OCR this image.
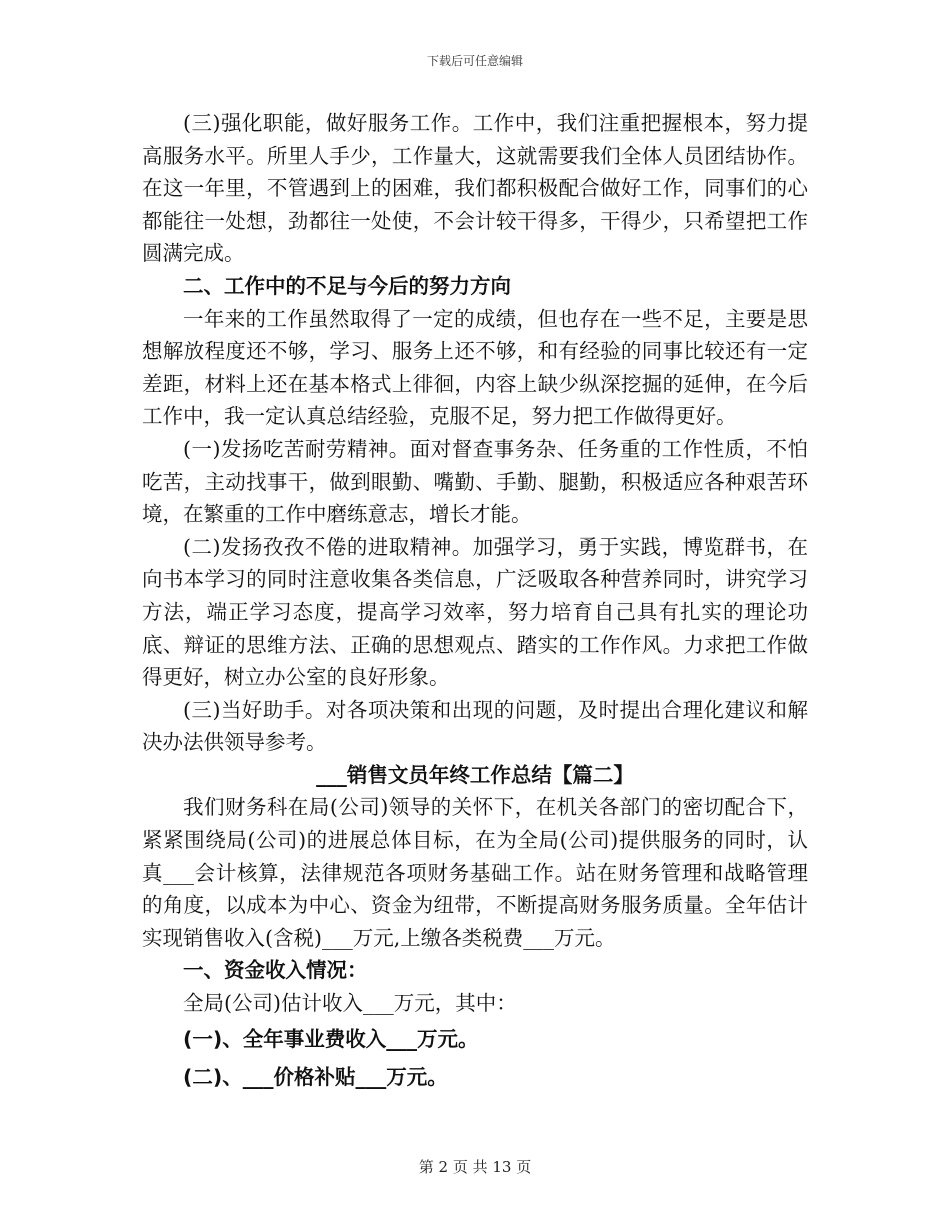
下载后可任意编辑

(三)强化职能，做好服务工作。工作中，我们注重把握根本，努力提高服务水平。所里人手少，工作量大，这就需要我们全体人员团结协作。在这一年里，不管遇到上的困难，我们都积极配合做好工作，同事们的心都能往一处想，劲都往一处使，不会计较干得多，干得少，只希望把工作圆满完成。

二、工作中的不足与今后的努力方向

一年来的工作虽然取得了一定的成绩，但也存在一些不足，主要是思想解放程度还不够，学习、服务上还不够，和有经验的同事比较还有一定差距，材料上还在基本格式上徘徊，内容上缺少纵深挖掘的延伸，在今后工作中，我一定认真总结经验，克服不足，努力把工作做得更好。

(一)发扬吃苦耐劳精神。面对督查事务杂、任务重的工作性质，不怕吃苦，主动找事干，做到眼勤、嘴勤、手勤、腿勤，积极适应各种艰苦环境，在繁重的工作中磨练意志，增长才能。

(二)发扬孜孜不倦的进取精神。加强学习，勇于实践，博览群书，在向书本学习的同时注意收集各类信息，广泛吸取各种营养同时，讲究学习方法，端正学习态度，提高学习效率，努力培育自己具有扎实的理论功底、辩证的思维方法、正确的思想观点、踏实的工作作风。力求把工作做得更好，树立办公室的良好形象。

(三)当好助手。对各项决策和出现的问题，及时提出合理化建议和解决办法供领导参考。

___销售文员年终工作总结【篇二】

我们财务科在局(公司)领导的关怀下，在机关各部门的密切配合下，紧紧围绕局(公司)的进展总体目标，在为全局(公司)提供服务的同时，认真___会计核算，法律规范各项财务基础工作。站在财务管理和战略管理的角度，以成本为中心、资金为纽带，不断提高财务服务质量。全年估计实现销售收入(含税)___万元,上缴各类税费___万元。

一、资金收入情况：

全局(公司)估计收入___万元，其中：

(一)、全年事业费收入___万元。

(二)、___价格补贴___万元。

第 2 页 共 13 页
